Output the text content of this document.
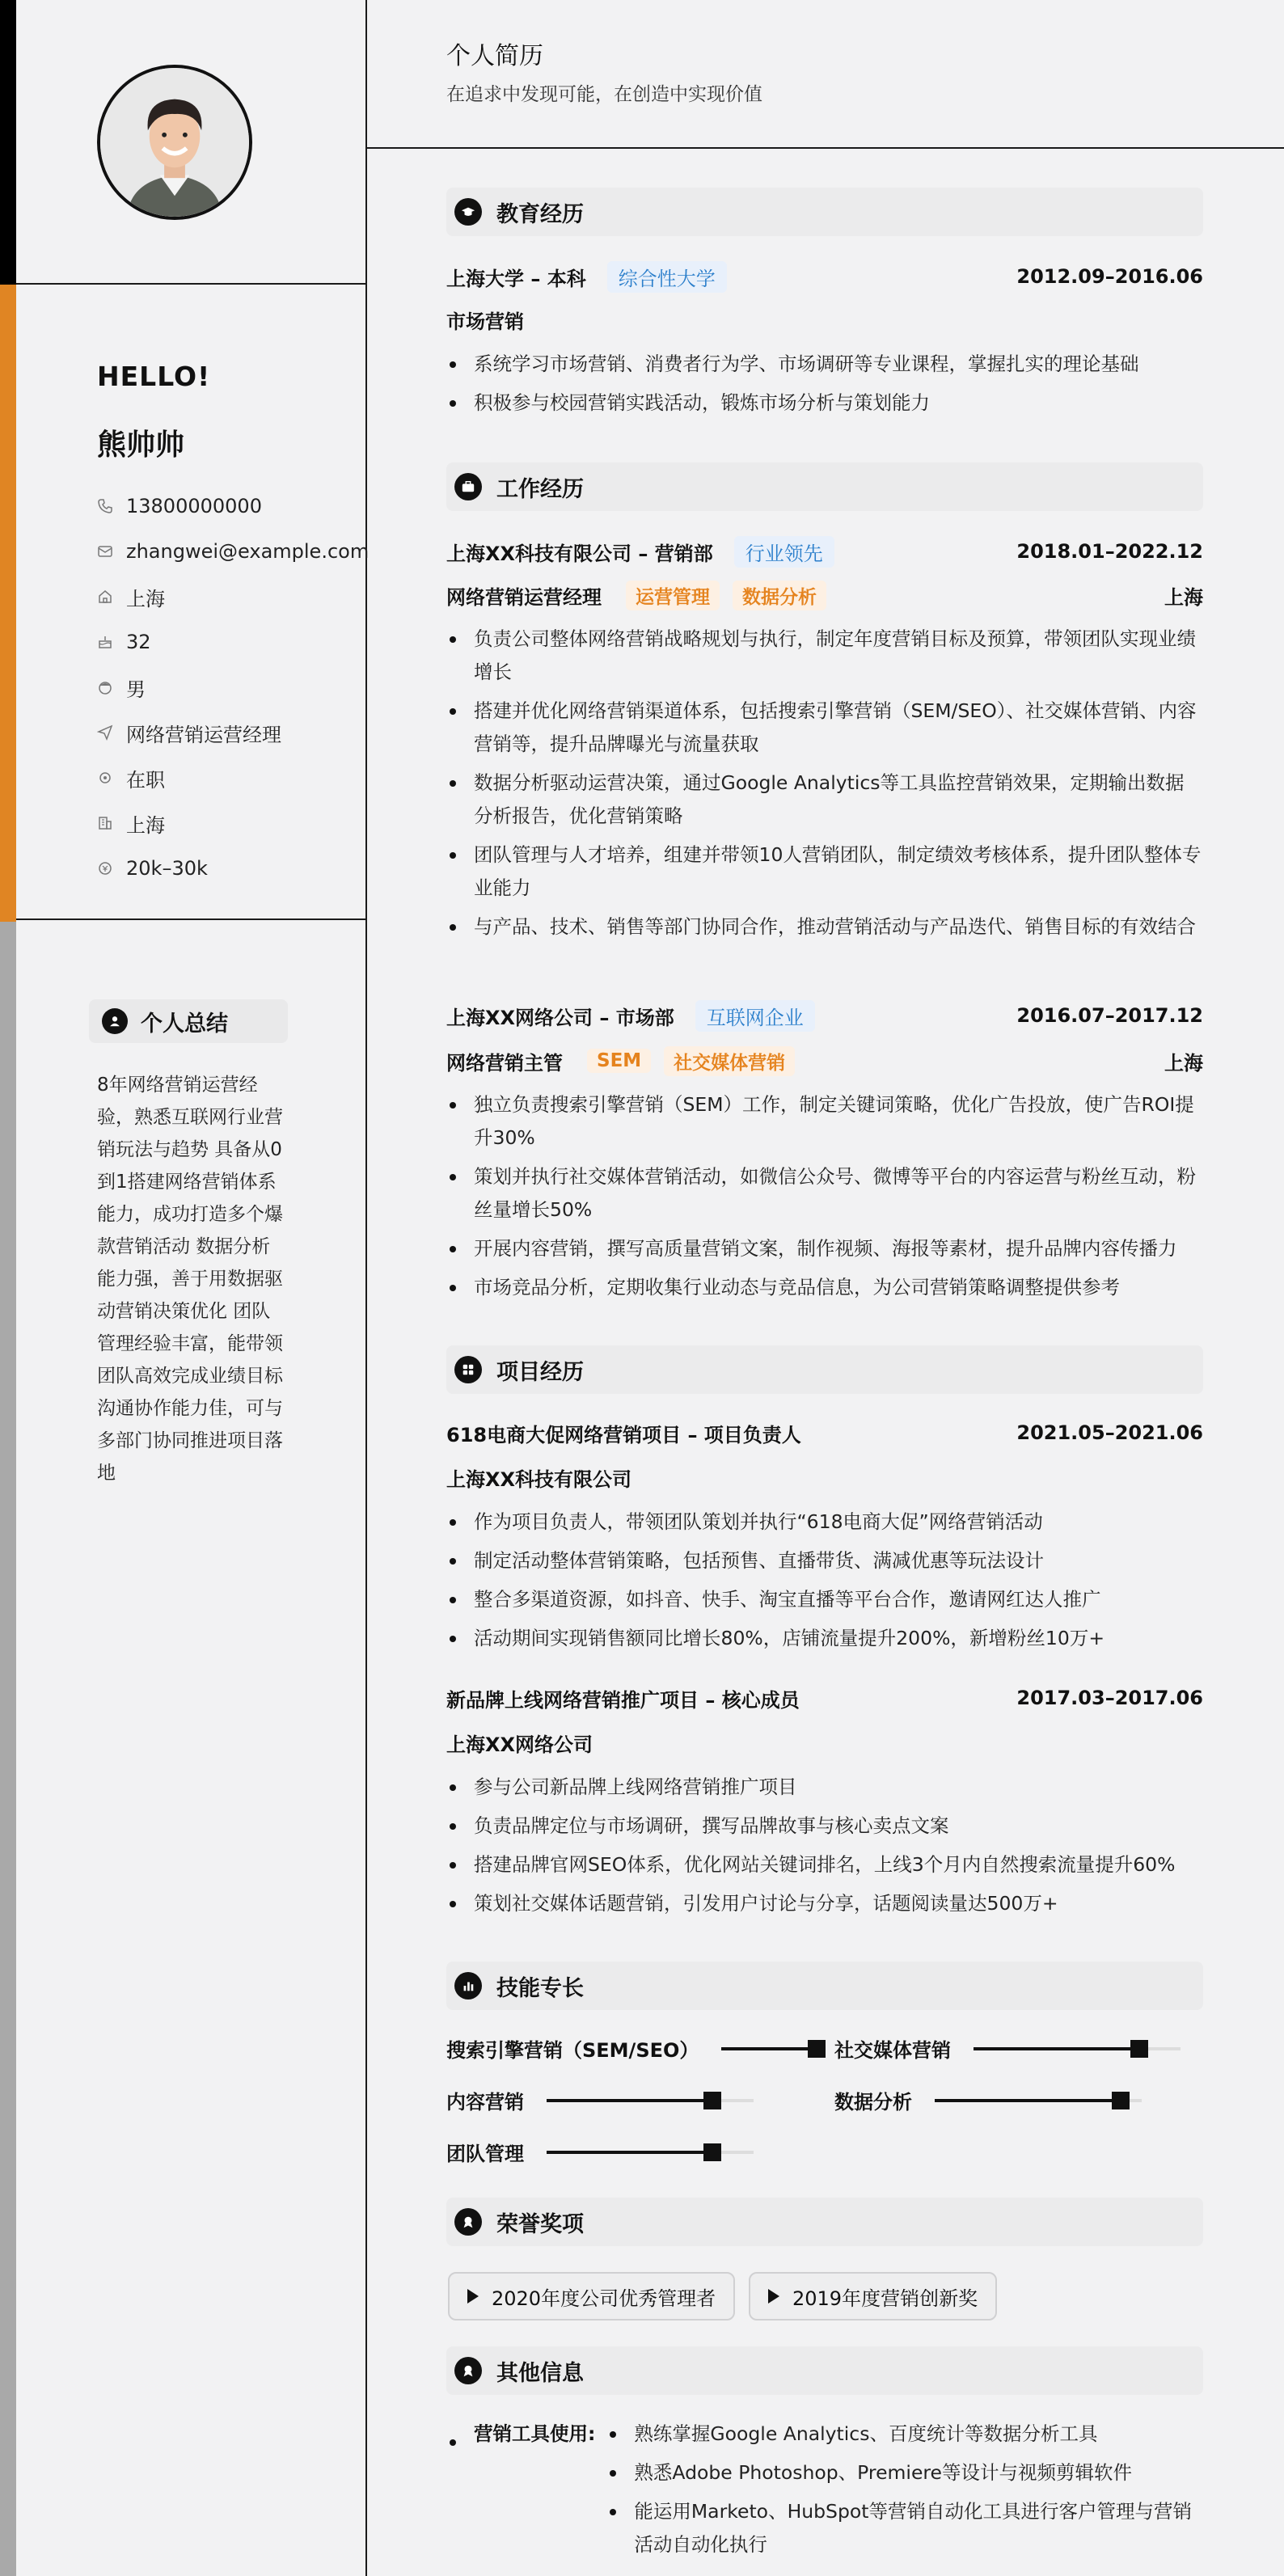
HELLO!
熊帅帅
13800000000
zhangwei@example.com
上海
32
男
网络营销运营经理
在职
上海
20k–30k
个人总结
8年网络营销运营经验，熟悉互联网行业营销玩法与趋势 具备从0到1搭建网络营销体系能力，成功打造多个爆款营销活动 数据分析能力强，善于用数据驱动营销决策优化 团队管理经验丰富，能带领团队高效完成业绩目标 沟通协作能力佳，可与多部门协同推进项目落地
个人简历
在追求中发现可能，在创造中实现价值
教育经历
上海大学 – 本科	综合性大学	2012.09–2016.06
市场营销
系统学习市场营销、消费者行为学、市场调研等专业课程，掌握扎实的理论基础
积极参与校园营销实践活动，锻炼市场分析与策划能力
工作经历
上海XX科技有限公司 – 营销部	行业领先	2018.01–2022.12
网络营销运营经理	运营管理	数据分析	上海
负责公司整体网络营销战略规划与执行，制定年度营销目标及预算，带领团队实现业绩增长
搭建并优化网络营销渠道体系，包括搜索引擎营销（SEM/SEO）、社交媒体营销、内容营销等，提升品牌曝光与流量获取
数据分析驱动运营决策，通过Google Analytics等工具监控营销效果，定期输出数据分析报告，优化营销策略
团队管理与人才培养，组建并带领10人营销团队，制定绩效考核体系，提升团队整体专业能力
与产品、技术、销售等部门协同合作，推动营销活动与产品迭代、销售目标的有效结合
上海XX网络公司 – 市场部	互联网企业	2016.07–2017.12
网络营销主管	SEM	社交媒体营销	上海
独立负责搜索引擎营销（SEM）工作，制定关键词策略，优化广告投放，使广告ROI提升30%
策划并执行社交媒体营销活动，如微信公众号、微博等平台的内容运营与粉丝互动，粉丝量增长50%
开展内容营销，撰写高质量营销文案，制作视频、海报等素材，提升品牌内容传播力
市场竞品分析，定期收集行业动态与竞品信息，为公司营销策略调整提供参考
项目经历
618电商大促网络营销项目 – 项目负责人	2021.05–2021.06
上海XX科技有限公司
作为项目负责人，带领团队策划并执行“618电商大促”网络营销活动
制定活动整体营销策略，包括预售、直播带货、满减优惠等玩法设计
整合多渠道资源，如抖音、快手、淘宝直播等平台合作，邀请网红达人推广
活动期间实现销售额同比增长80%，店铺流量提升200%，新增粉丝10万+
新品牌上线网络营销推广项目 – 核心成员	2017.03–2017.06
上海XX网络公司
参与公司新品牌上线网络营销推广项目
负责品牌定位与市场调研，撰写品牌故事与核心卖点文案
搭建品牌官网SEO体系，优化网站关键词排名，上线3个月内自然搜索流量提升60%
策划社交媒体话题营销，引发用户讨论与分享，话题阅读量达500万+
技能专长
搜索引擎营销（SEM/SEO）	社交媒体营销
内容营销	数据分析
团队管理
荣誉奖项
2020年度公司优秀管理者	2019年度营销创新奖
其他信息
营销工具使用:	熟练掌握Google Analytics、百度统计等数据分析工具
熟悉Adobe Photoshop、Premiere等设计与视频剪辑软件
能运用Marketo、HubSpot等营销自动化工具进行客户管理与营销活动自动化执行
